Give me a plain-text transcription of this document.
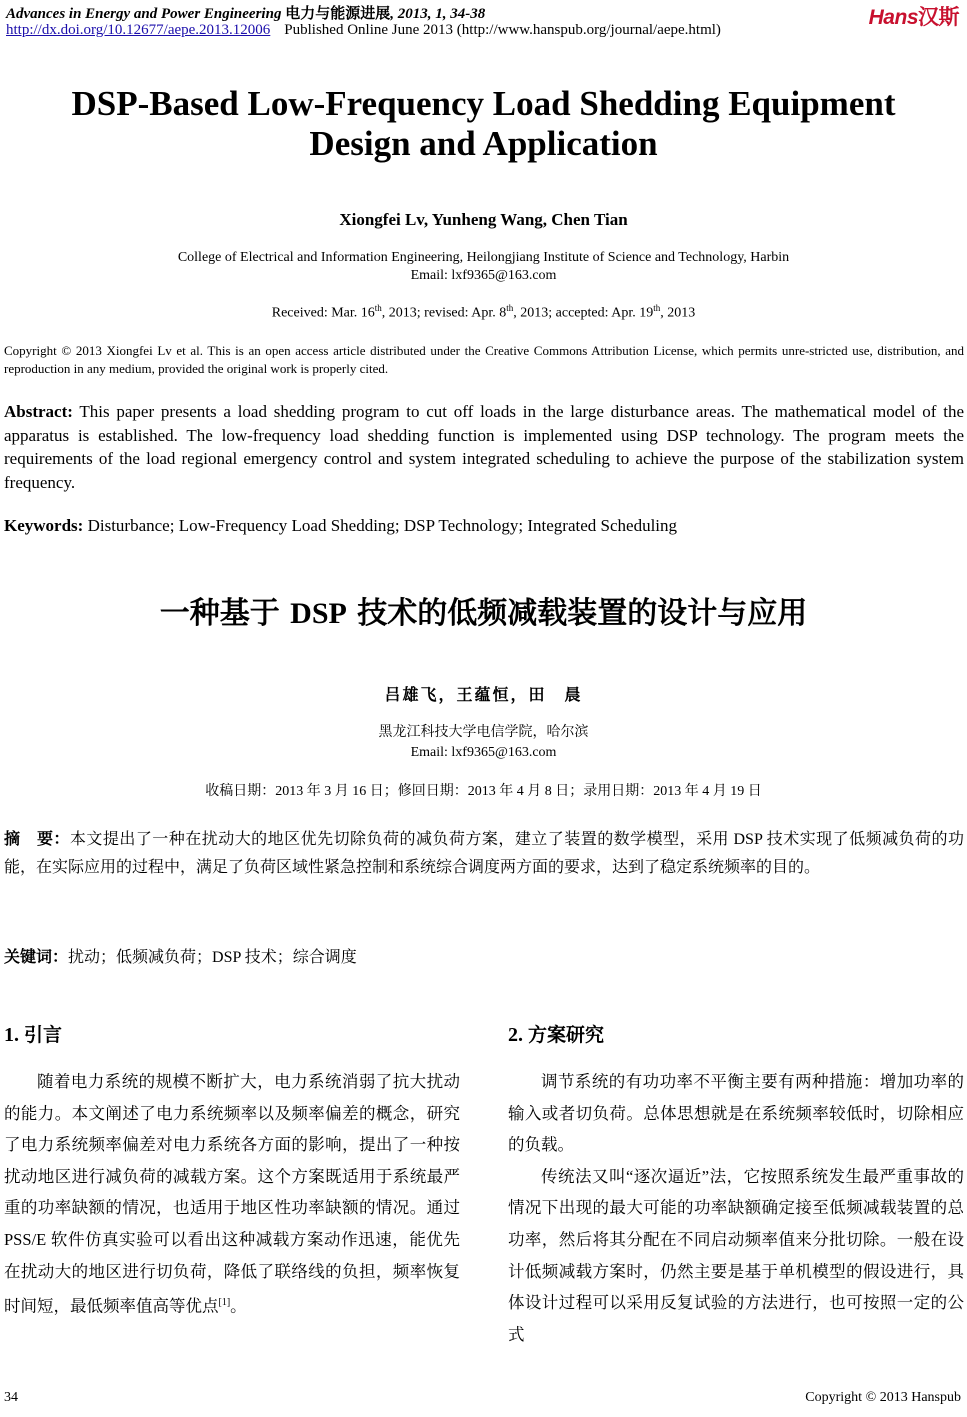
Advances in Energy and Power Engineering 电力与能源进展, 2013, 1, 34-38
http://dx.doi.org/10.12677/aepe.2013.12006 Published Online June 2013 (http://www.hanspub.org/journal/aepe.html)
Hans汉斯
DSP-Based Low-Frequency Load Shedding Equipment
Design and Application
Xiongfei Lv, Yunheng Wang, Chen Tian
College of Electrical and Information Engineering, Heilongjiang Institute of Science and Technology, Harbin
Email: lxf9365@163.com
Received: Mar. 16th, 2013; revised: Apr. 8th, 2013; accepted: Apr. 19th, 2013
Copyright © 2013 Xiongfei Lv et al. This is an open access article distributed under the Creative Commons Attribution License, which permits unre-stricted use, distribution, and reproduction in any medium, provided the original work is properly cited.
Abstract: This paper presents a load shedding program to cut off loads in the large disturbance areas. The mathematical model of the apparatus is established. The low-frequency load shedding function is implemented using DSP technology. The program meets the requirements of the load regional emergency control and system integrated scheduling to achieve the purpose of the stabilization system frequency.
Keywords: Disturbance; Low-Frequency Load Shedding; DSP Technology; Integrated Scheduling
一种基于 DSP 技术的低频减载装置的设计与应用
吕雄飞，王蕴恒，田　晨
黑龙江科技大学电信学院，哈尔滨
Email: lxf9365@163.com
收稿日期：2013 年 3 月 16 日；修回日期：2013 年 4 月 8 日；录用日期：2013 年 4 月 19 日
摘　要：本文提出了一种在扰动大的地区优先切除负荷的减负荷方案，建立了装置的数学模型，采用 DSP 技术实现了低频减负荷的功能，在实际应用的过程中，满足了负荷区域性紧急控制和系统综合调度两方面的要求，达到了稳定系统频率的目的。
关键词：扰动；低频减负荷；DSP 技术；综合调度
1. 引言	2. 方案研究

随着电力系统的规模不断扩大，电力系统消弱了抗大扰动的能力。本文阐述了电力系统频率以及频率偏差的概念，研究了电力系统频率偏差对电力系统各方面的影响，提出了一种按扰动地区进行减负荷的减载方案。这个方案既适用于系统最严重的功率缺额的情况，也适用于地区性功率缺额的情况。通过 PSS/E 软件仿真实验可以看出这种减载方案动作迅速，能优先在扰动大的地区进行切负荷，降低了联络线的负担，频率恢复时间短，最低频率值高等优点[1]。

调节系统的有功功率不平衡主要有两种措施：增加功率的输入或者切负荷。总体思想就是在系统频率较低时，切除相应的负载。

传统法又叫“逐次逼近”法，它按照系统发生最严重事故的情况下出现的最大可能的功率缺额确定接至低频减载装置的总功率，然后将其分配在不同启动频率值来分批切除。一般在设计低频减载方案时，仍然主要是基于单机模型的假设进行，具体设计过程可以采用反复试验的方法进行，也可按照一定的公式

34	Copyright © 2013 Hanspub
